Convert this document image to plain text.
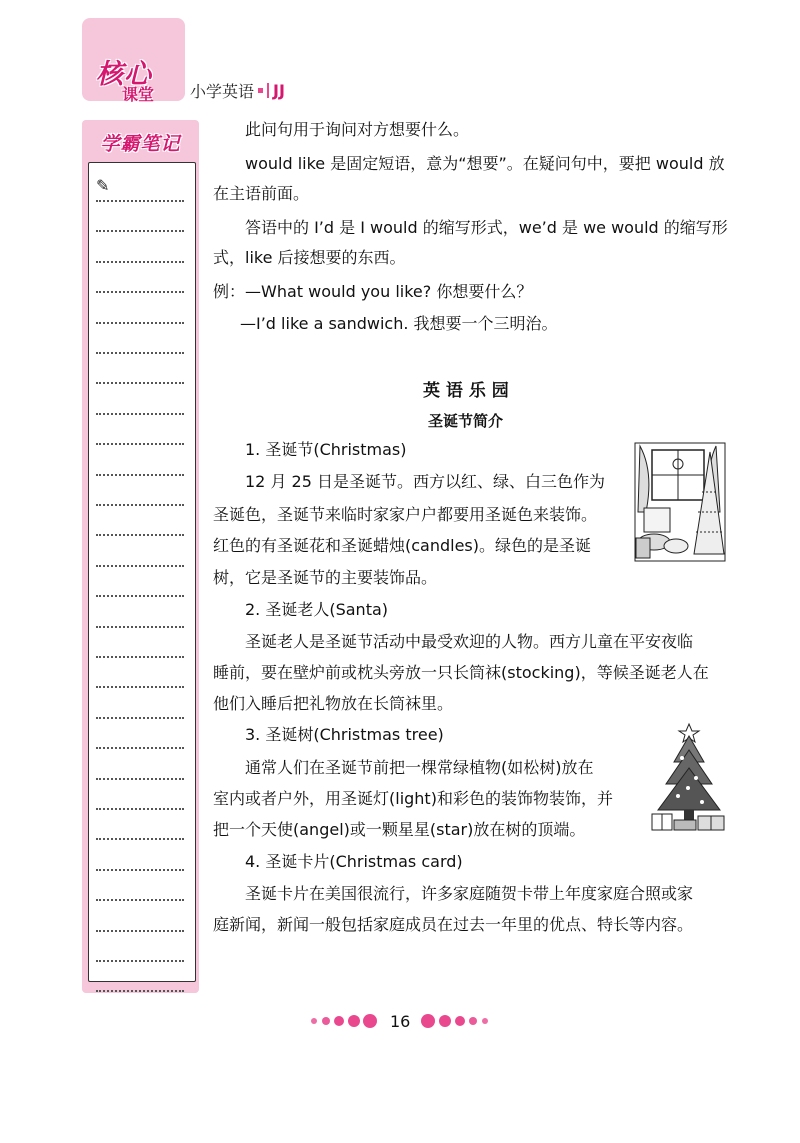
核心
课堂 小学英语 JJ
学霸笔记
✎
此问句用于询问对方想要什么。
would like 是固定短语，意为“想要”。在疑问句中，要把 would 放
在主语前面。
答语中的 I’d 是 I would 的缩写形式，we’d 是 we would 的缩写形
式，like 后接想要的东西。
例：—What would you like? 你想要什么？
—I’d like a sandwich. 我想要一个三明治。
英 语 乐 园
圣诞节简介
1. 圣诞节(Christmas)
12 月 25 日是圣诞节。西方以红、绿、白三色作为
圣诞色，圣诞节来临时家家户户都要用圣诞色来装饰。
红色的有圣诞花和圣诞蜡烛(candles)。绿色的是圣诞
树，它是圣诞节的主要装饰品。
2. 圣诞老人(Santa)
圣诞老人是圣诞节活动中最受欢迎的人物。西方儿童在平安夜临
睡前，要在壁炉前或枕头旁放一只长筒袜(stocking)，等候圣诞老人在
他们入睡后把礼物放在长筒袜里。
3. 圣诞树(Christmas tree)
通常人们在圣诞节前把一棵常绿植物(如松树)放在
室内或者户外，用圣诞灯(light)和彩色的装饰物装饰，并
把一个天使(angel)或一颗星星(star)放在树的顶端。
4. 圣诞卡片(Christmas card)
圣诞卡片在美国很流行，许多家庭随贺卡带上年度家庭合照或家
庭新闻，新闻一般包括家庭成员在过去一年里的优点、特长等内容。
16
